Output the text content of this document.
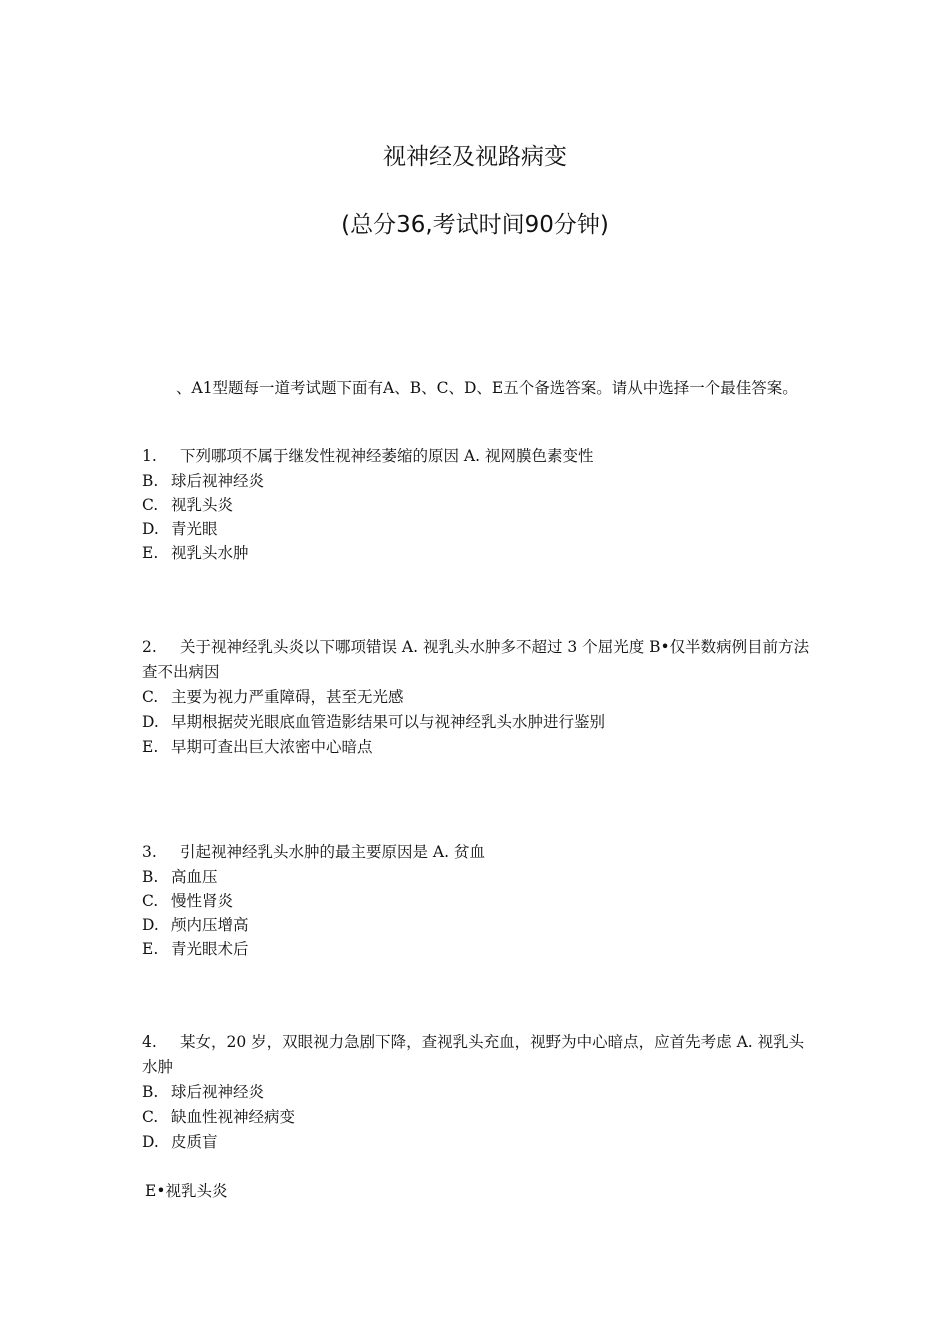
视神经及视路病变
(总分36,考试时间90分钟)
、A1型题每一道考试题下面有A、B、C、D、E五个备选答案。请从中选择一个最佳答案。
1. 下列哪项不属于继发性视神经萎缩的原因 A. 视网膜色素变性
B. 球后视神经炎
C. 视乳头炎
D. 青光眼
E. 视乳头水肿
2. 关于视神经乳头炎以下哪项错误 A. 视乳头水肿多不超过 3 个屈光度 B•仅半数病例目前方法查不出病因
C. 主要为视力严重障碍，甚至无光感
D. 早期根据荧光眼底血管造影结果可以与视神经乳头水肿进行鉴别
E. 早期可查出巨大浓密中心暗点
3. 引起视神经乳头水肿的最主要原因是 A. 贫血
B. 高血压
C. 慢性肾炎
D. 颅内压增高
E. 青光眼术后
4. 某女，20 岁，双眼视力急剧下降，查视乳头充血，视野为中心暗点，应首先考虑 A. 视乳头水肿
B. 球后视神经炎
C. 缺血性视神经病变
D. 皮质盲
E•视乳头炎
